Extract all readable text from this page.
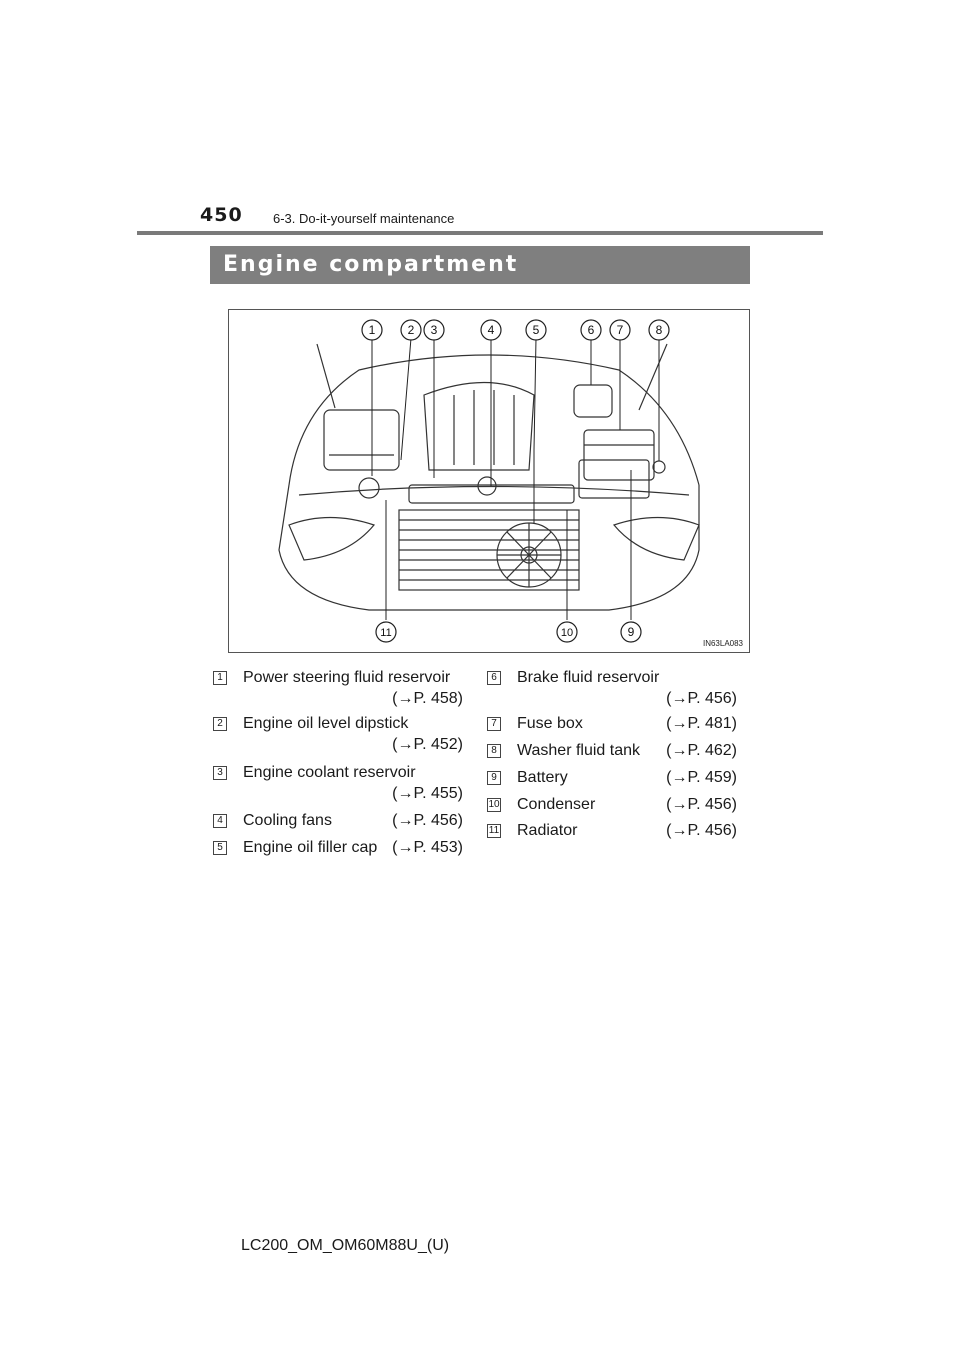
450 6-3. Do-it-yourself maintenance
Engine compartment
1	2 3	4	5	6 7	8
9
10
11
IN63LA083
1 Power steering fluid reservoir
(→P. 458)
2 Engine oil level dipstick
(→P. 452)
3 Engine coolant reservoir
(→P. 455)
4 Cooling fans	(→P. 456)
5 Engine oil filler cap (→P. 453)
6 Brake fluid reservoir
(→P. 456)
7 Fuse box	(→P. 481)
8 Washer fluid tank (→P. 462)
9 Battery	(→P. 459)
10 Condenser	(→P. 456)
11 Radiator	(→P. 456)
LC200_OM_OM60M88U_(U)
